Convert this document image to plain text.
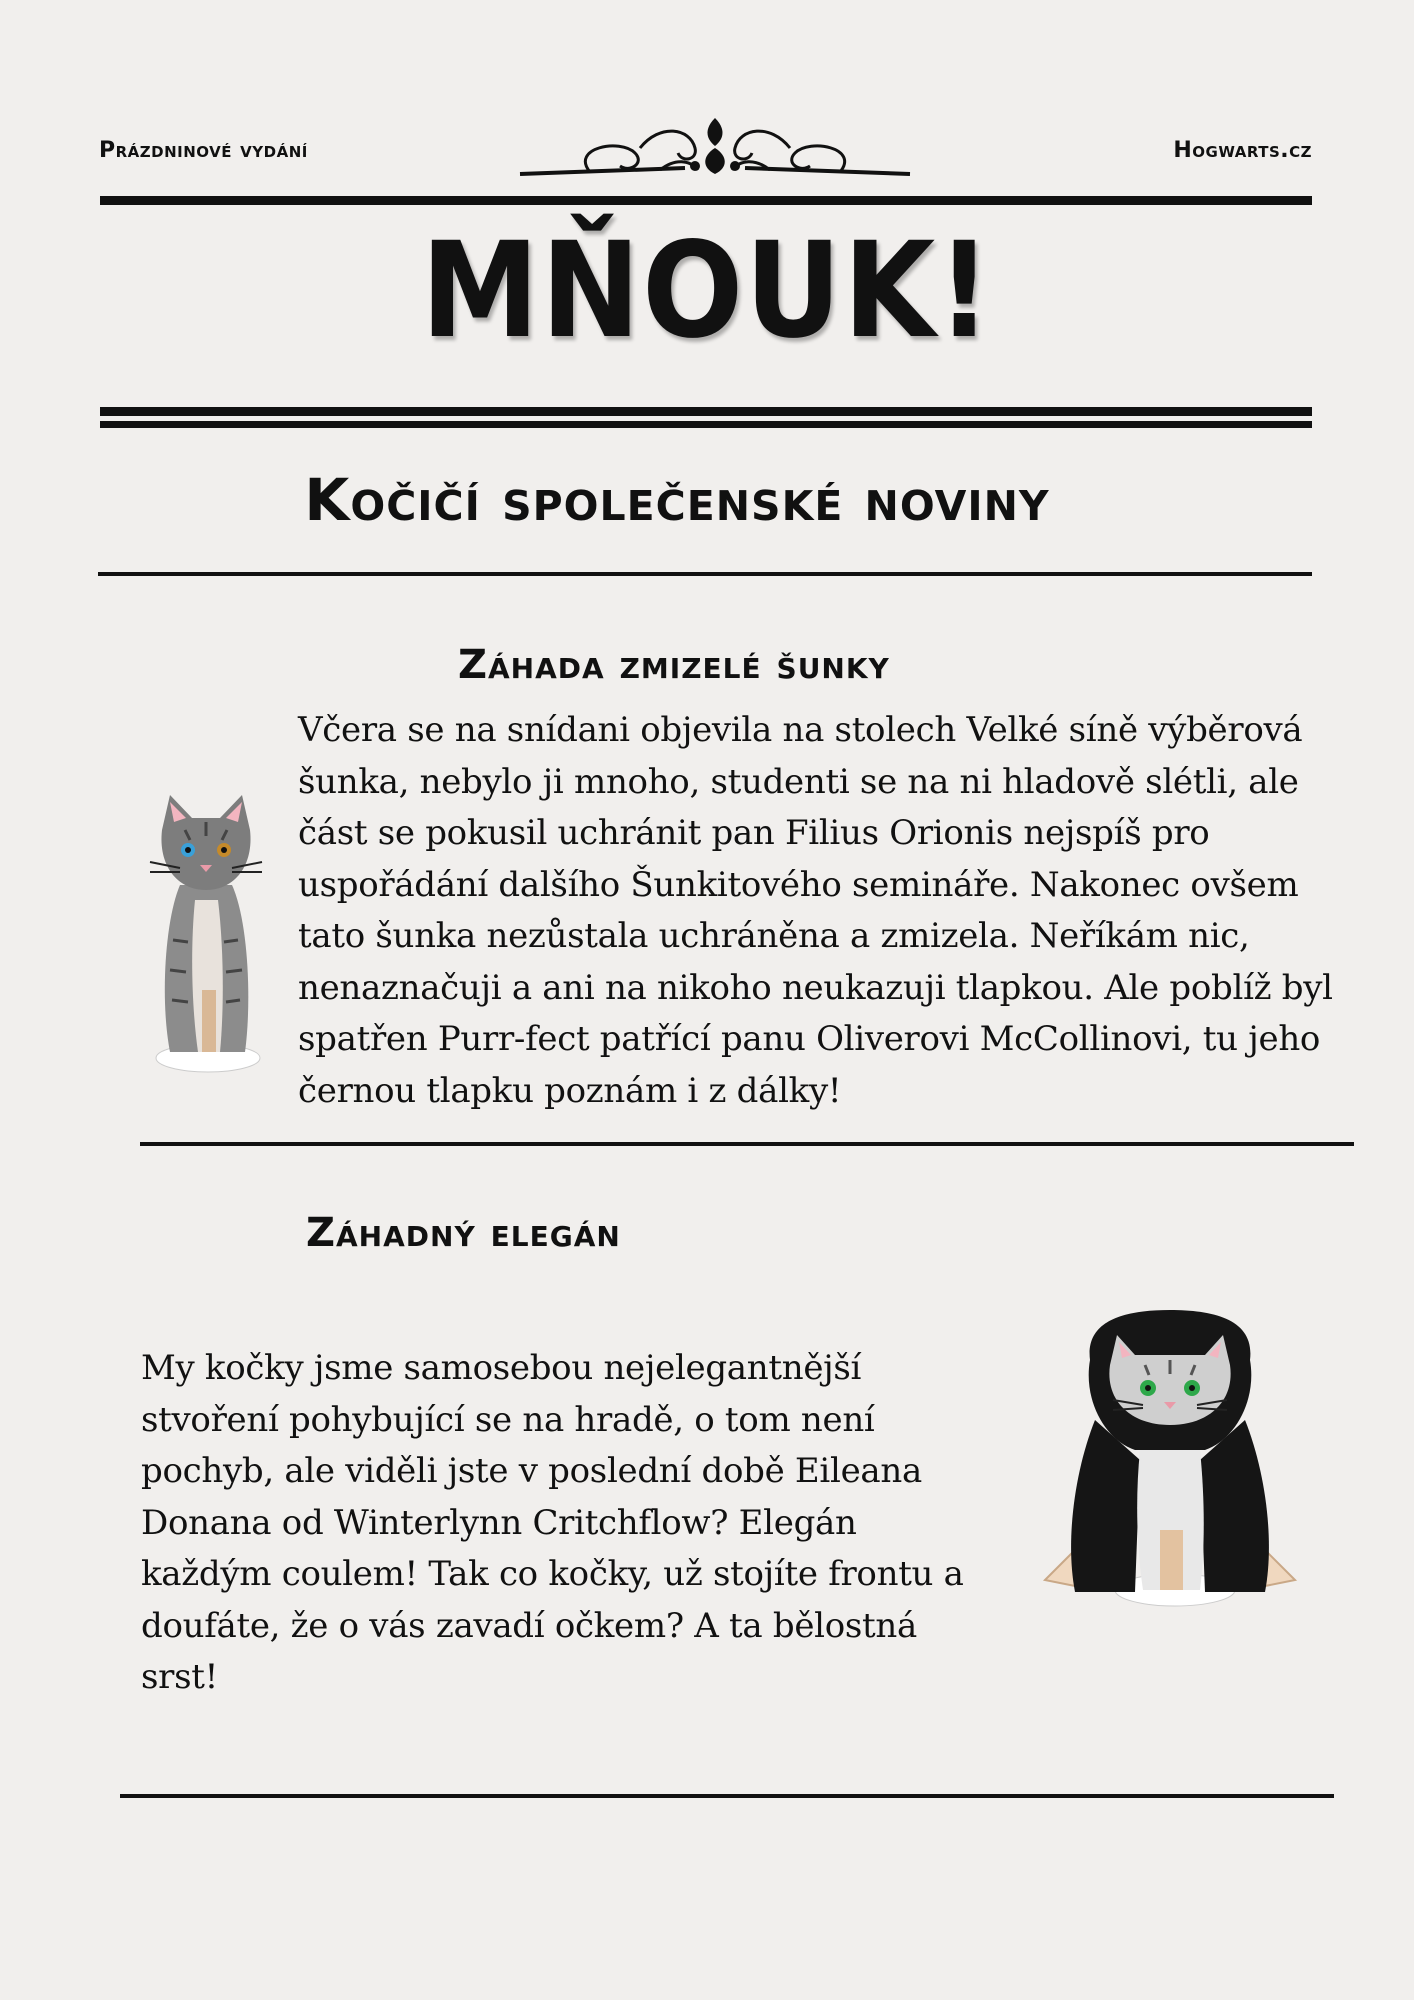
Prázdninové vydání	Hogwarts.cz
MŇOUK!
Kočičí společenské noviny
Záhada zmizelé šunky
Včera se na snídani objevila na stolech Velké síně výběrová šunka, nebylo ji mnoho, studenti se na ni hladově slétli, ale část se pokusil uchránit pan Filius Orionis nejspíš pro uspořádání dalšího Šunkitového semináře. Nakonec ovšem tato šunka nezůstala uchráněna a zmizela. Neříkám nic, nenaznačuji a ani na nikoho neukazuji tlapkou. Ale poblíž byl spatřen Purr-fect patřící panu Oliverovi McCollinovi, tu jeho černou tlapku poznám i z dálky!
Záhadný elegán
My kočky jsme samosebou nejelegantnější stvoření pohybující se na hradě, o tom není pochyb, ale viděli jste v poslední době Eileana Donana od Winterlynn Critchflow? Elegán každým coulem! Tak co kočky, už stojíte frontu a doufáte, že o vás zavadí očkem? A ta bělostná srst!
